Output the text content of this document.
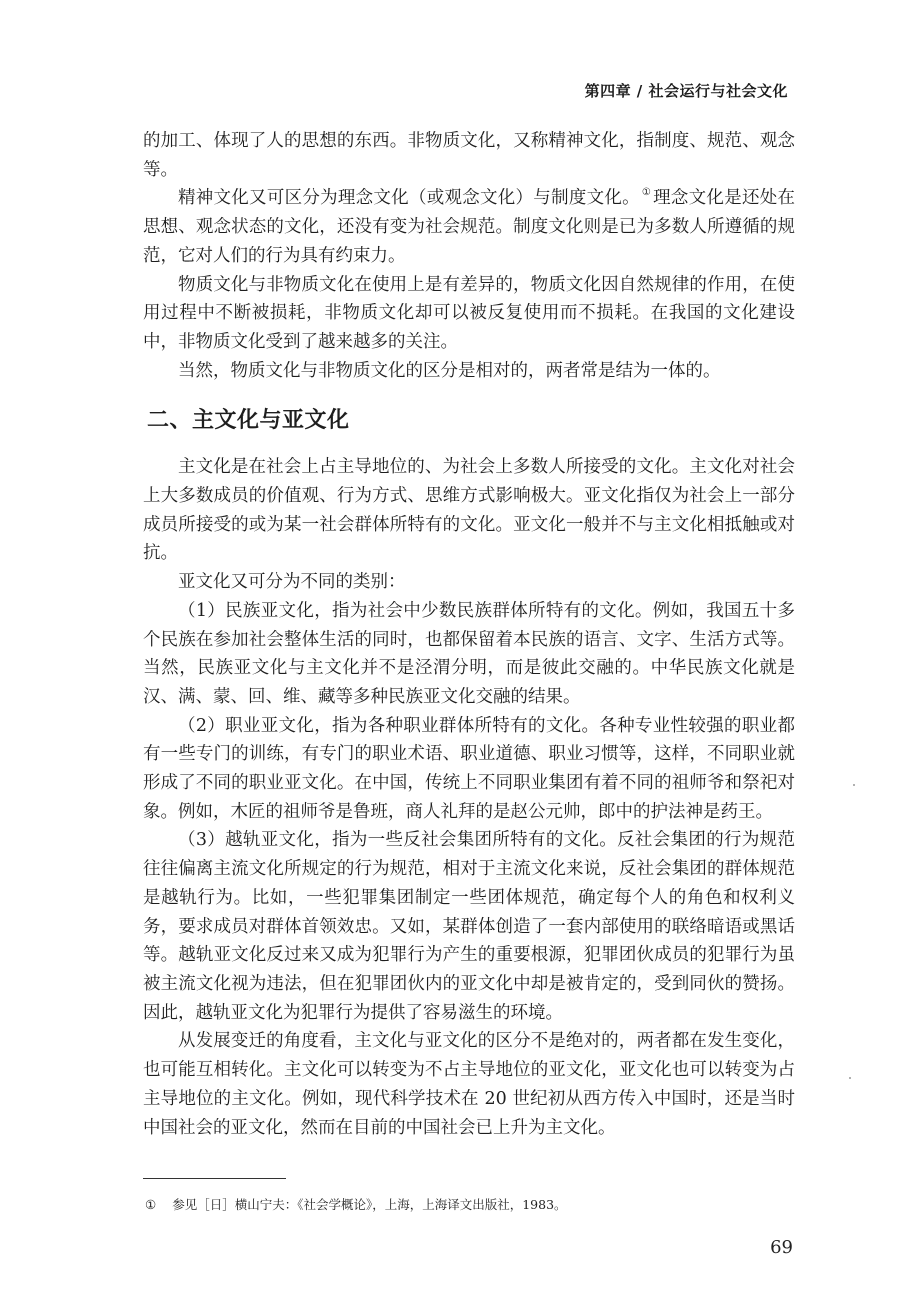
第四章 / 社会运行与社会文化

的加工、体现了人的思想的东西。非物质文化，又称精神文化，指制度、规范、观念等。

精神文化又可区分为理念文化（或观念文化）与制度文化。 ① 理念文化是还处在思想、观念状态的文化，还没有变为社会规范。制度文化则是已为多数人所遵循的规范，它对人们的行为具有约束力。

物质文化与非物质文化在使用上是有差异的，物质文化因自然规律的作用，在使用过程中不断被损耗，非物质文化却可以被反复使用而不损耗。在我国的文化建设中，非物质文化受到了越来越多的关注。

当然，物质文化与非物质文化的区分是相对的，两者常是结为一体的。

二、主文化与亚文化

主文化是在社会上占主导地位的、为社会上多数人所接受的文化。主文化对社会上大多数成员的价值观、行为方式、思维方式影响极大。亚文化指仅为社会上一部分成员所接受的或为某一社会群体所特有的文化。亚文化一般并不与主文化相抵触或对抗。

亚文化又可分为不同的类别：

（1）民族亚文化，指为社会中少数民族群体所特有的文化。例如，我国五十多个民族在参加社会整体生活的同时，也都保留着本民族的语言、文字、生活方式等。当然，民族亚文化与主文化并不是泾渭分明，而是彼此交融的。中华民族文化就是汉、满、蒙、回、维、藏等多种民族亚文化交融的结果。

（2）职业亚文化，指为各种职业群体所特有的文化。各种专业性较强的职业都有一些专门的训练，有专门的职业术语、职业道德、职业习惯等，这样，不同职业就形成了不同的职业亚文化。在中国，传统上不同职业集团有着不同的祖师爷和祭祀对象。例如，木匠的祖师爷是鲁班，商人礼拜的是赵公元帅，郎中的护法神是药王。

（3）越轨亚文化，指为一些反社会集团所特有的文化。反社会集团的行为规范往往偏离主流文化所规定的行为规范，相对于主流文化来说，反社会集团的群体规范是越轨行为。比如，一些犯罪集团制定一些团体规范，确定每个人的角色和权利义务，要求成员对群体首领效忠。又如，某群体创造了一套内部使用的联络暗语或黑话等。越轨亚文化反过来又成为犯罪行为产生的重要根源，犯罪团伙成员的犯罪行为虽被主流文化视为违法，但在犯罪团伙内的亚文化中却是被肯定的，受到同伙的赞扬。因此，越轨亚文化为犯罪行为提供了容易滋生的环境。

从发展变迁的角度看，主文化与亚文化的区分不是绝对的，两者都在发生变化，也可能互相转化。主文化可以转变为不占主导地位的亚文化，亚文化也可以转变为占主导地位的主文化。例如，现代科学技术在 20 世纪初从西方传入中国时，还是当时中国社会的亚文化，然而在目前的中国社会已上升为主文化。

① 参见［日］横山宁夫：《社会学概论》，上海，上海译文出版社，1983。
69
